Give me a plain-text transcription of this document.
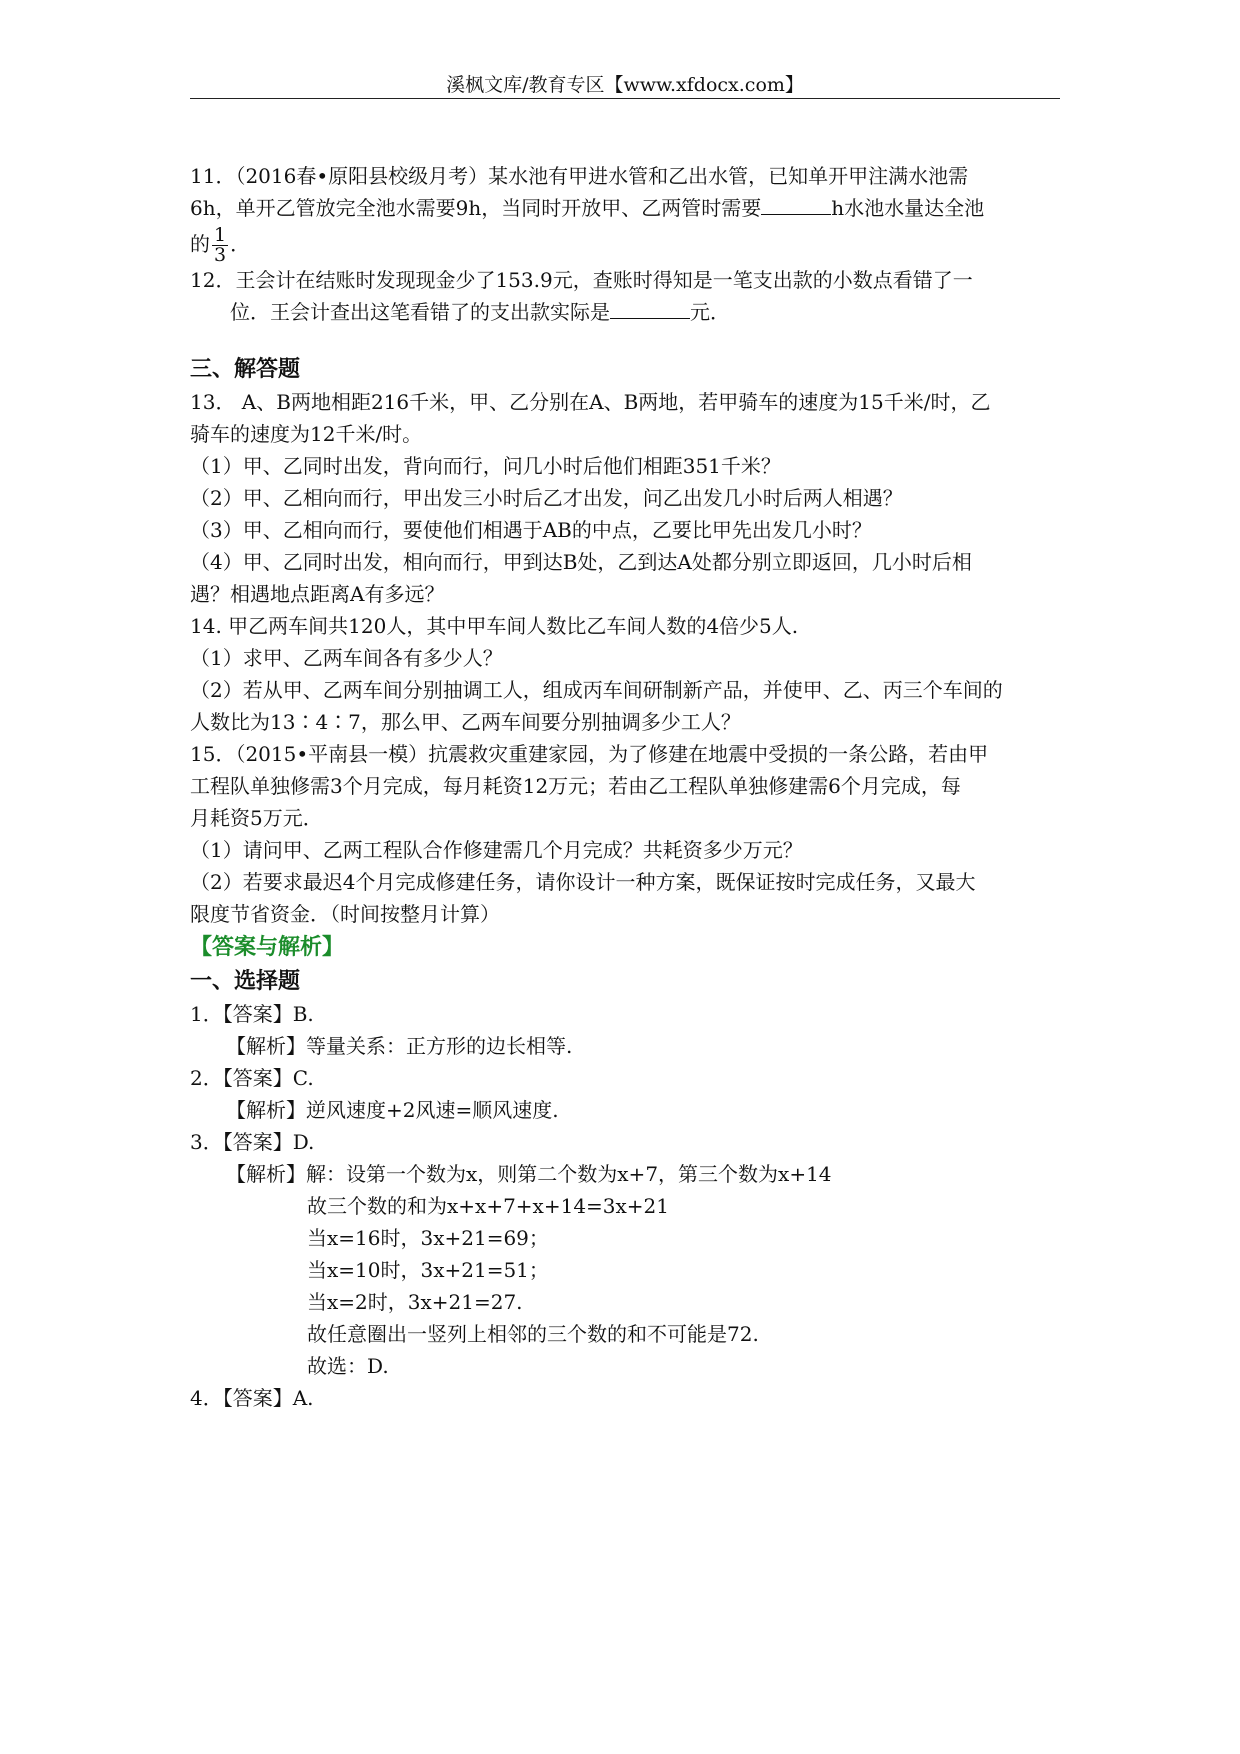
溪枫文库/教育专区【www.xfdocx.com】
11．（2016春•原阳县校级月考）某水池有甲进水管和乙出水管，已知单开甲注满水池需
6h，单开乙管放完全池水需要9h，当同时开放甲、乙两管时需要	h水池水量达全池
的 $\frac{1}{3}$ ．
12．王会计在结账时发现现金少了153.9元，查账时得知是一笔支出款的小数点看错了一
位．王会计查出这笔看错了的支出款实际是	元．
三、解答题
13． A、B两地相距216千米，甲、乙分别在A、B两地，若甲骑车的速度为15千米/时，乙
骑车的速度为12千米/时。
（1）甲、乙同时出发，背向而行，问几小时后他们相距351千米？
（2）甲、乙相向而行，甲出发三小时后乙才出发，问乙出发几小时后两人相遇？
（3）甲、乙相向而行，要使他们相遇于AB的中点，乙要比甲先出发几小时？
（4）甲、乙同时出发，相向而行，甲到达B处，乙到达A处都分别立即返回，几小时后相
遇？相遇地点距离A有多远？
14. 甲乙两车间共120人，其中甲车间人数比乙车间人数的4倍少5人.
（1）求甲、乙两车间各有多少人？
（2）若从甲、乙两车间分别抽调工人，组成丙车间研制新产品，并使甲、乙、丙三个车间的
人数比为13∶4∶7，那么甲、乙两车间要分别抽调多少工人？
15．（2015•平南县一模）抗震救灾重建家园，为了修建在地震中受损的一条公路，若由甲
工程队单独修需3个月完成，每月耗资12万元；若由乙工程队单独修建需6个月完成，每
月耗资5万元．
（1）请问甲、乙两工程队合作修建需几个月完成？共耗资多少万元？
（2）若要求最迟4个月完成修建任务，请你设计一种方案，既保证按时完成任务，又最大
限度节省资金．（时间按整月计算）
【答案与解析】
一、选择题
1．【答案】B.
【解析】等量关系：正方形的边长相等.
2．【答案】C.
【解析】逆风速度+2风速=顺风速度.
3．【答案】D.
【解析】解：设第一个数为x，则第二个数为x+7，第三个数为x+14
故三个数的和为x+x+7+x+14=3x+21
当x=16时，3x+21=69；
当x=10时，3x+21=51；
当x=2时，3x+21=27.
故任意圈出一竖列上相邻的三个数的和不可能是72.
故选：D.
4．【答案】A.
